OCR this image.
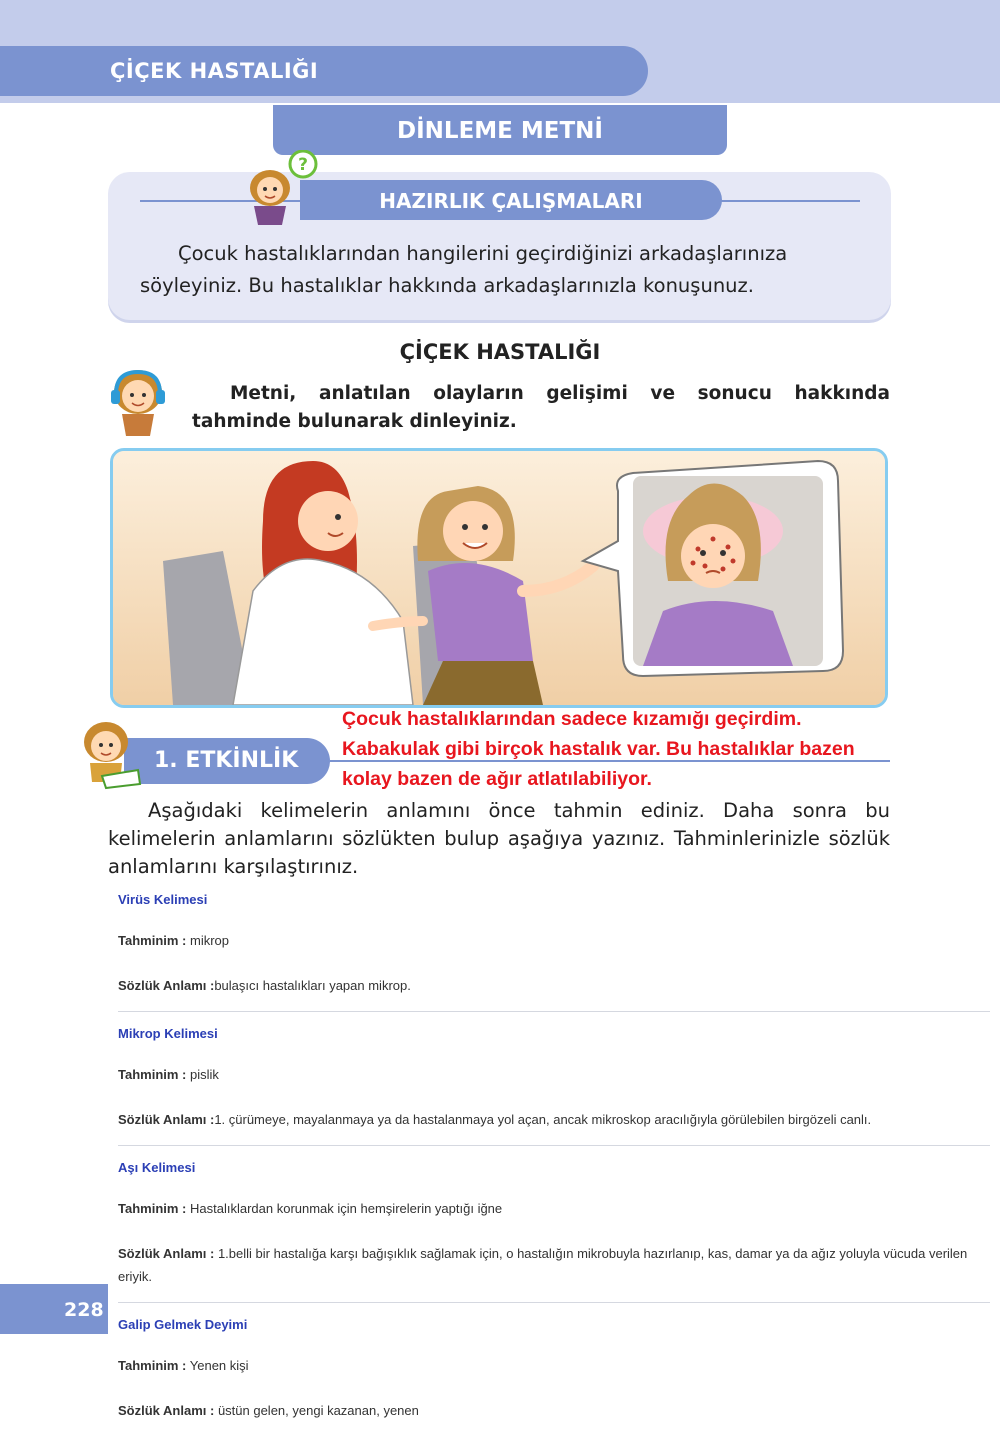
ÇİÇEK HASTALIĞI
DİNLEME METNİ
HAZIRLIK ÇALIŞMALARI
?
Çocuk hastalıklarından hangilerini geçirdiğinizi arkadaşlarınıza söyleyiniz. Bu hastalıklar hakkında arkadaşlarınızla konuşunuz.
ÇİÇEK HASTALIĞI
Metni, anlatılan olayların gelişimi ve sonucu hakkında tahminde bulunarak dinleyiniz.
1. ETKİNLİK
Çocuk hastalıklarından sadece kızamığı geçirdim.
Kabakulak gibi birçok hastalık var. Bu hastalıklar bazen
kolay bazen de ağır atlatılabiliyor.
Aşağıdaki kelimelerin anlamını önce tahmin ediniz. Daha sonra bu kelimelerin anlamlarını sözlükten bulup aşağıya yazınız. Tahminlerinizle sözlük anlamlarını karşılaştırınız.
Virüs Kelimesi
Tahminim : mikrop
Sözlük Anlamı :bulaşıcı hastalıkları yapan mikrop.
Mikrop Kelimesi
Tahminim : pislik
Sözlük Anlamı :1. çürümeye, mayalanmaya ya da hastalanmaya yol açan, ancak mikroskop aracılığıyla görülebilen birgözeli canlı.
Aşı Kelimesi
Tahminim : Hastalıklardan korunmak için hemşirelerin yaptığı iğne
Sözlük Anlamı : 1.belli bir hastalığa karşı bağışıklık sağlamak için, o hastalığın mikrobuyla hazırlanıp, kas, damar ya da ağız yoluyla vücuda verilen eriyik.
Galip Gelmek Deyimi
Tahminim : Yenen kişi
Sözlük Anlamı : üstün gelen, yengi kazanan, yenen
228
